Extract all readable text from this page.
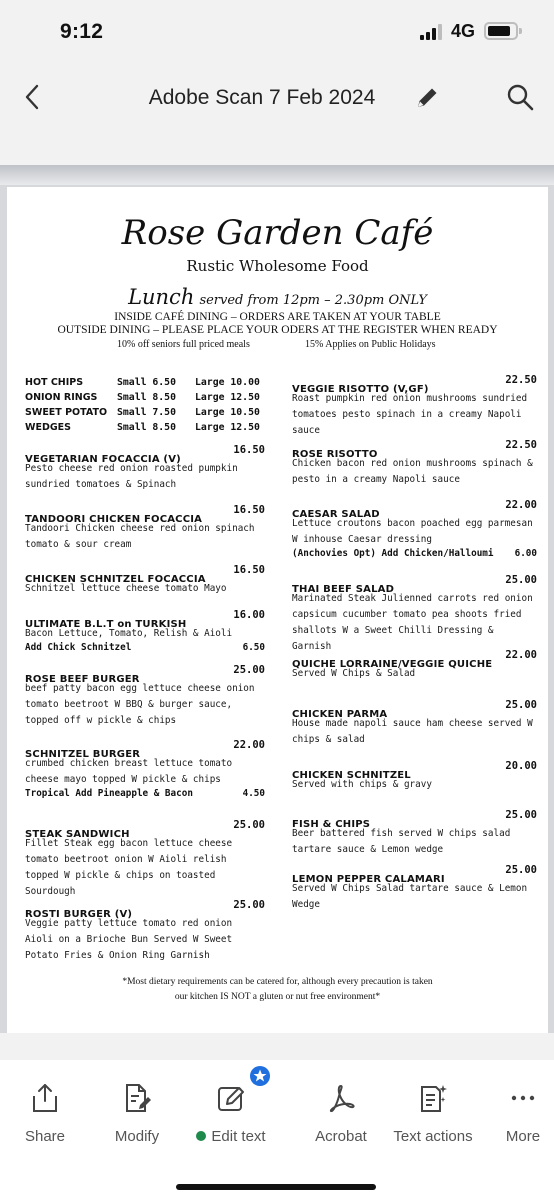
9:12	4G
Adobe Scan 7 Feb 2024
Rose Garden Café
Rustic Wholesome Food
Lunch served from 12pm – 2.30pm ONLY
INSIDE CAFÉ DINING – ORDERS ARE TAKEN AT YOUR TABLE
OUTSIDE DINING – PLEASE PLACE YOUR ODERS AT THE REGISTER WHEN READY
10% off seniors full priced meals	15% Applies on Public Holidays
HOT CHIPS	Small 6.50 Large 10.00
ONION RINGS Small 8.50 Large 12.50
SWEET POTATO Small 7.50 Large 10.50
WEDGES	Small 8.50 Large 12.50
VEGETARIAN FOCACCIA (V)
16.50
Pesto cheese red onion roasted pumpkin sundried tomatoes & Spinach
TANDOORI CHICKEN FOCACCIA
16.50
Tandoori Chicken cheese red onion spinach tomato & sour cream
CHICKEN SCHNITZEL FOCACCIA
16.50
Schnitzel lettuce cheese tomato Mayo
ULTIMATE B.L.T on TURKISH
16.00
Bacon Lettuce, Tomato, Relish & Aioli
Add Chick Schnitzel	6.50
ROSE BEEF BURGER
25.00
beef patty bacon egg lettuce cheese onion tomato beetroot W BBQ & burger sauce, topped off w pickle & chips
SCHNITZEL BURGER
22.00
crumbed chicken breast lettuce tomato cheese mayo topped W pickle & chips
Tropical Add Pineapple & Bacon	4.50
STEAK SANDWICH
25.00
Fillet Steak egg bacon lettuce cheese tomato beetroot onion W Aioli relish topped W pickle & chips on toasted Sourdough
ROSTI BURGER (V)
25.00
Veggie patty lettuce tomato red onion Aioli on a Brioche Bun Served W Sweet Potato Fries & Onion Ring Garnish
VEGGIE RISOTTO (V,GF)
22.50
Roast pumpkin red onion mushrooms sundried tomatoes pesto spinach in a creamy Napoli sauce
ROSE RISOTTO
22.50
Chicken bacon red onion mushrooms spinach & pesto in a creamy Napoli sauce
CAESAR SALAD
22.00
Lettuce croutons bacon poached egg parmesan W inhouse Caesar dressing
(Anchovies Opt) Add Chicken/Halloumi 6.00
THAI BEEF SALAD
25.00
Marinated Steak Julienned carrots red onion capsicum cucumber tomato pea shoots fried shallots W a Sweet Chilli Dressing & Garnish
QUICHE LORRAINE/VEGGIE QUICHE
22.00
Served W Chips & Salad
CHICKEN PARMA
25.00
House made napoli sauce ham cheese served W chips & salad
CHICKEN SCHNITZEL
20.00
Served with chips & gravy
FISH & CHIPS
25.00
Beer battered fish served W chips salad tartare sauce & Lemon wedge
LEMON PEPPER CALAMARI
25.00
Served W Chips Salad tartare sauce & Lemon Wedge
*Most dietary requirements can be catered for, although every precaution is taken
our kitchen IS NOT a gluten or nut free environment*
Share	Modify	Edit text	Acrobat	Text actions	More
